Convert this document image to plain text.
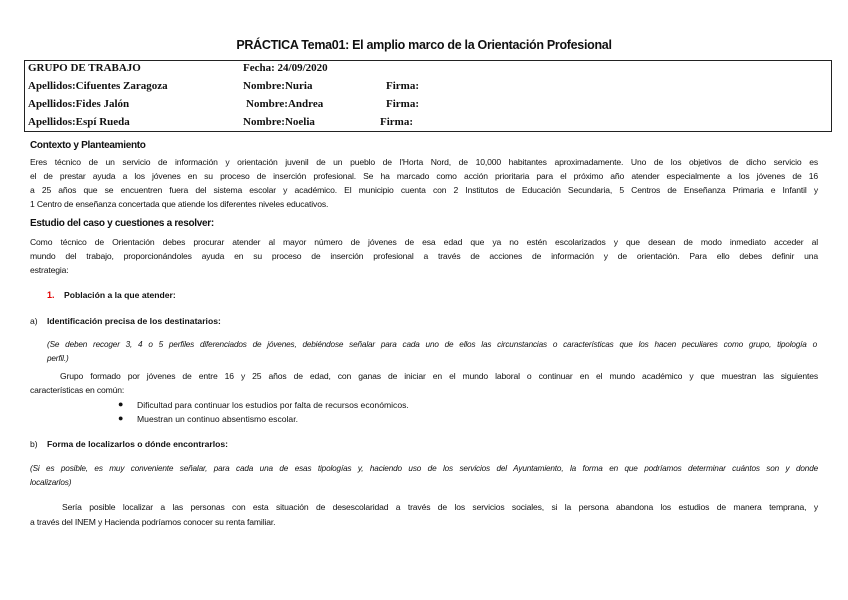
PRÁCTICA Tema01: El amplio marco de la Orientación Profesional
GRUPO DE TRABAJO	Fecha: 24/09/2020
Apellidos:Cifuentes Zaragoza	Nombre:Nuria	Firma:
Apellidos:Fides Jalón	Nombre:Andrea	Firma:
Apellidos:Espí Rueda	Nombre:Noelia	Firma:
Contexto y Planteamiento
Eres técnico de un servicio de información y orientación juvenil de un pueblo de l'Horta Nord, de 10,000 habitantes aproximadamente. Uno de los objetivos de dicho servicio es
el de prestar ayuda a los jóvenes en su proceso de inserción profesional. Se ha marcado como acción prioritaria para el próximo año atender especialmente a los jóvenes de 16
a 25 años que se encuentren fuera del sistema escolar y académico. El municipio cuenta con 2 Institutos de Educación Secundaria, 5 Centros de Enseñanza Primaria e Infantil y
1 Centro de enseñanza concertada que atiende los diferentes niveles educativos.
Estudio del caso y cuestiones a resolver:
Como técnico de Orientación debes procurar atender al mayor número de jóvenes de esa edad que ya no estén escolarizados y que desean de modo inmediato acceder al
mundo del trabajo, proporcionándoles ayuda en su proceso de inserción profesional a través de acciones de información y de orientación. Para ello debes definir una
estrategia:
1. Población a la que atender:
a) Identificación precisa de los destinatarios:
(Se deben recoger 3, 4 o 5 perfiles diferenciados de jóvenes, debiéndose señalar para cada uno de ellos las circunstancias o características que los hacen peculiares como grupo, tipología o
perfil.)
Grupo formado por jóvenes de entre 16 y 25 años de edad, con ganas de iniciar en el mundo laboral o continuar en el mundo académico y que muestran las siguientes
características en común:
● Dificultad para continuar los estudios por falta de recursos económicos.
● Muestran un continuo absentismo escolar.
b) Forma de localizarlos o dónde encontrarlos:
(Si es posible, es muy conveniente señalar, para cada una de esas tipologías y, haciendo uso de los servicios del Ayuntamiento, la forma en que podríamos determinar cuántos son y donde
localizarlos)
Sería posible localizar a las personas con esta situación de desescolaridad a través de los servicios sociales, si la persona abandona los estudios de manera temprana, y
a través del INEM y Hacienda podríamos conocer su renta familiar.
